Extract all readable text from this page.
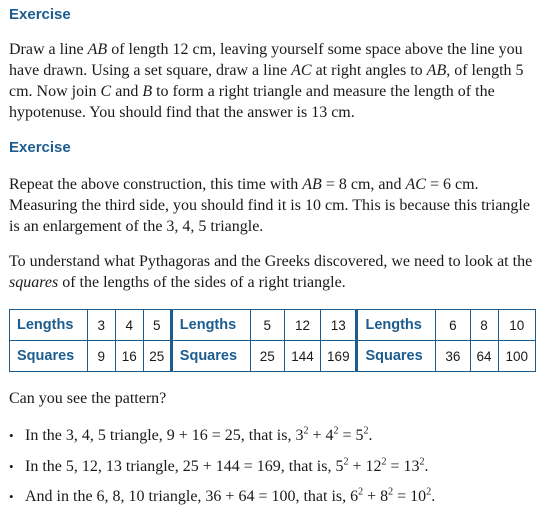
Exercise

Draw a line AB of length 12 cm, leaving yourself some space above the line you have drawn. Using a set square, draw a line AC at right angles to AB, of length 5 cm. Now join C and B to form a right triangle and measure the length of the hypotenuse. You should find that the answer is 13 cm.

Exercise

Repeat the above construction, this time with AB = 8 cm, and AC = 6 cm. Measuring the third side, you should find it is 10 cm. This is because this triangle is an enlargement of the 3, 4, 5 triangle.

To understand what Pythagoras and the Greeks discovered, we need to look at the squares of the lengths of the sides of a right triangle.

Lengths	3	4	5	Lengths	5	12	13	Lengths	6	8	10
Squares	9	16	25	Squares	25	144	169	Squares	36	64	100

Can you see the pattern?

• In the 3, 4, 5 triangle, 9 + 16 = 25, that is, $3^2 + 4^2 = 5^2$.
• In the 5, 12, 13 triangle, 25 + 144 = 169, that is, $5^2 + 12^2 = 13^2$.
• And in the 6, 8, 10 triangle, 36 + 64 = 100, that is, $6^2 + 8^2 = 10^2$.
